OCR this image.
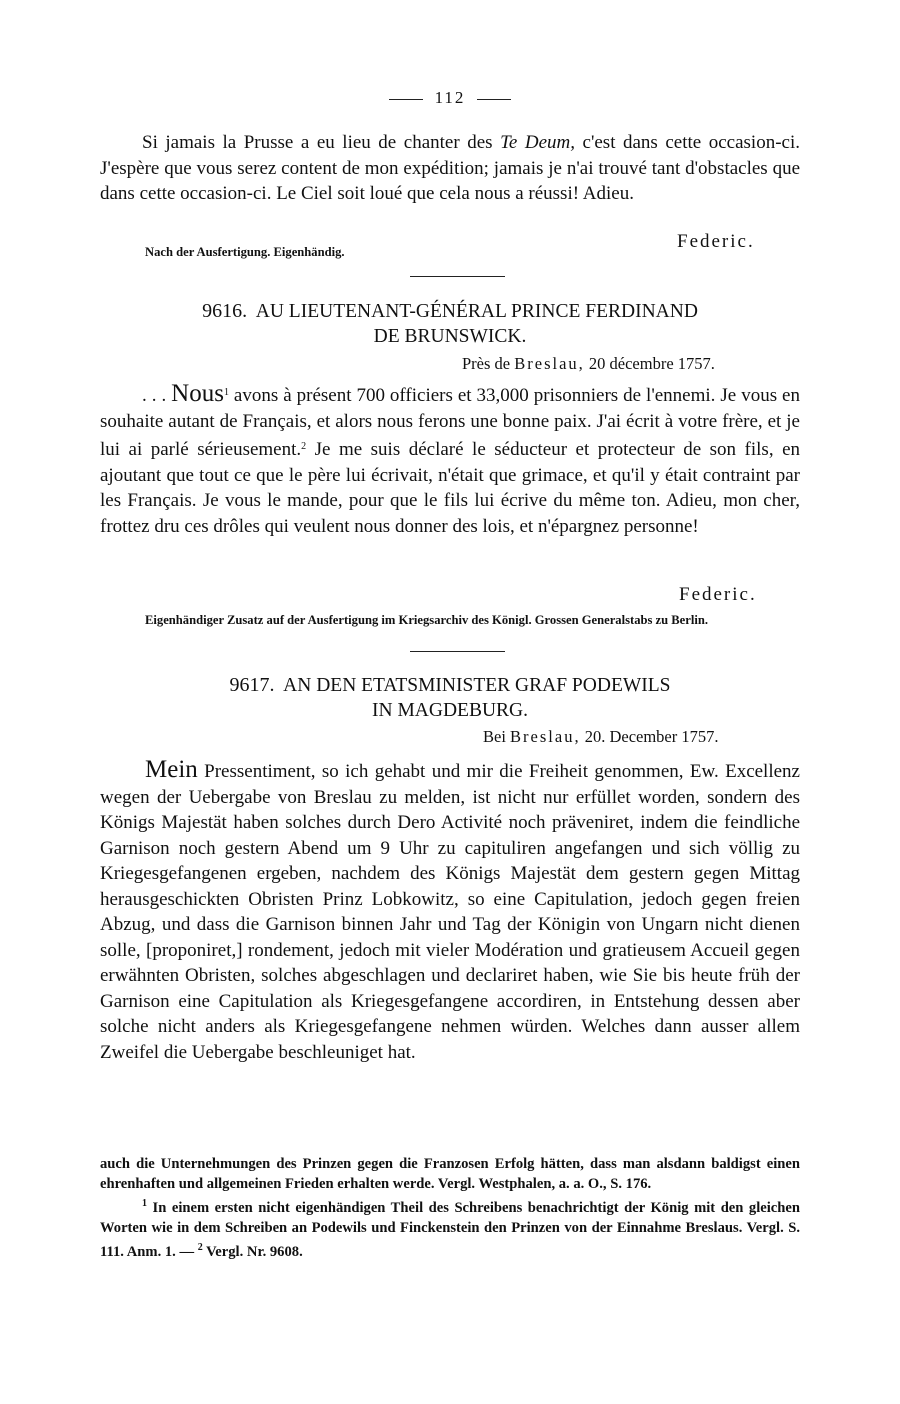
112

Si jamais la Prusse a eu lieu de chanter des Te Deum, c'est dans cette occasion-ci. J'espère que vous serez content de mon expédition; jamais je n'ai trouvé tant d'obstacles que dans cette occasion-ci. Le Ciel soit loué que cela nous a réussi! Adieu.

Nach der Ausfertigung. Eigenhändig.	Federic.
9616. AU LIEUTENANT-GÉNÉRAL PRINCE FERDINAND
DE BRUNSWICK.
Près de Breslau, 20 décembre 1757.

. . . Nous$^1$ avons à présent 700 officiers et 33,000 prisonniers de l'ennemi. Je vous en souhaite autant de Français, et alors nous ferons une bonne paix. J'ai écrit à votre frère, et je lui ai parlé sérieusement.$^2$ Je me suis déclaré le séducteur et protecteur de son fils, en ajoutant que tout ce que le père lui écrivait, n'était que grimace, et qu'il y était contraint par les Français. Je vous le mande, pour que le fils lui écrive du même ton. Adieu, mon cher, frottez dru ces drôles qui veulent nous donner des lois, et n'épargnez personne!

Federic.
Eigenhändiger Zusatz auf der Ausfertigung im Kriegsarchiv des Königl. Grossen Generalstabs zu Berlin.
9617. AN DEN ETATSMINISTER GRAF PODEWILS
IN MAGDEBURG.
Bei Breslau, 20. December 1757.

Mein Pressentiment, so ich gehabt und mir die Freiheit genommen, Ew. Excellenz wegen der Uebergabe von Breslau zu melden, ist nicht nur erfüllet worden, sondern des Königs Majestät haben solches durch Dero Activité noch präveniret, indem die feindliche Garnison noch gestern Abend um 9 Uhr zu capituliren angefangen und sich völlig zu Kriegesgefangenen ergeben, nachdem des Königs Majestät dem gestern gegen Mittag herausgeschickten Obristen Prinz Lobkowitz, so eine Capitulation, jedoch gegen freien Abzug, und dass die Garnison binnen Jahr und Tag der Königin von Ungarn nicht dienen solle, [proponiret,] rondement, jedoch mit vieler Modération und gratieusem Accueil gegen erwähnten Obristen, solches abgeschlagen und declariret haben, wie Sie bis heute früh der Garnison eine Capitulation als Kriegesgefangene accordiren, in Entstehung dessen aber solche nicht anders als Kriegesgefangene nehmen würden. Welches dann ausser allem Zweifel die Uebergabe beschleuniget hat.

auch die Unternehmungen des Prinzen gegen die Franzosen Erfolg hätten, dass man alsdann baldigst einen ehrenhaften und allgemeinen Frieden erhalten werde. Vergl. Westphalen, a. a. O., S. 176.

$^1$ In einem ersten nicht eigenhändigen Theil des Schreibens benachrichtigt der König mit den gleichen Worten wie in dem Schreiben an Podewils und Finckenstein den Prinzen von der Einnahme Breslaus. Vergl. S. 111. Anm. 1. — $^2$ Vergl. Nr. 9608.
